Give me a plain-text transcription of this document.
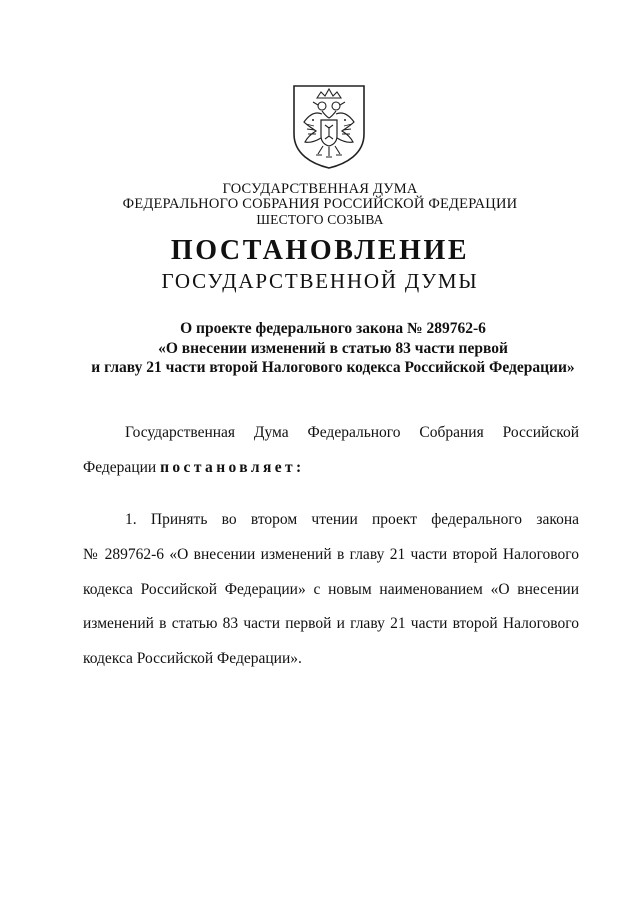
ГОСУДАРСТВЕННАЯ ДУМА
ФЕДЕРАЛЬНОГО СОБРАНИЯ РОССИЙСКОЙ ФЕДЕРАЦИИ
ШЕСТОГО СОЗЫВА
ПОСТАНОВЛЕНИЕ
ГОСУДАРСТВЕННОЙ ДУМЫ
О проекте федерального закона № 289762-6
«О внесении изменений в статью 83 части первой
и главу 21 части второй Налогового кодекса Российской Федерации»
Государственная Дума Федерального Собрания Российской
Федерации постановляет:
1. Принять во втором чтении проект федерального закона
№ 289762-6 «О внесении изменений в главу 21 части второй Налогового
кодекса Российской Федерации» с новым наименованием «О внесении
изменений в статью 83 части первой и главу 21 части второй Налогового
кодекса Российской Федерации».
